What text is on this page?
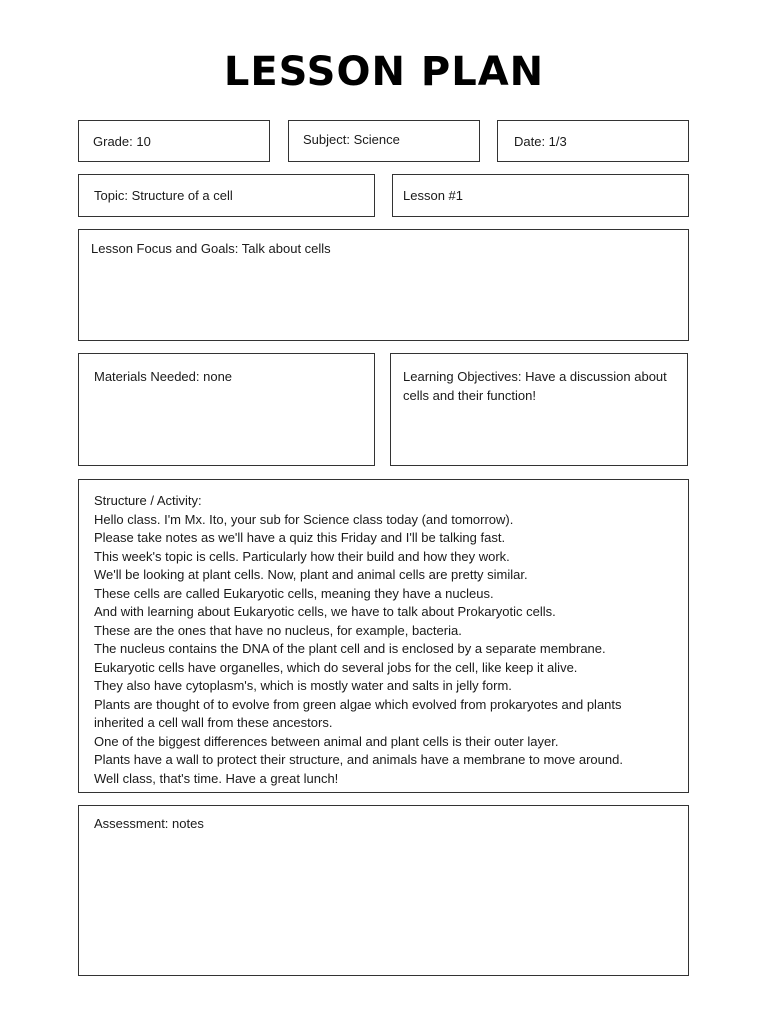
LESSON PLAN
Grade: 10	Subject: Science	Date: 1/3
Topic: Structure of a cell	Lesson #1
Lesson Focus and Goals: Talk about cells
Materials Needed: none	Learning Objectives: Have a discussion about cells and their function!
Structure / Activity:
Hello class. I'm Mx. Ito, your sub for Science class today (and tomorrow).
Please take notes as we'll have a quiz this Friday and I'll be talking fast.
This week's topic is cells. Particularly how their build and how they work.
We'll be looking at plant cells. Now, plant and animal cells are pretty similar.
These cells are called Eukaryotic cells, meaning they have a nucleus.
And with learning about Eukaryotic cells, we have to talk about Prokaryotic cells.
These are the ones that have no nucleus, for example, bacteria.
The nucleus contains the DNA of the plant cell and is enclosed by a separate membrane.
Eukaryotic cells have organelles, which do several jobs for the cell, like keep it alive.
They also have cytoplasm's, which is mostly water and salts in jelly form.
Plants are thought of to evolve from green algae which evolved from prokaryotes and plants
inherited a cell wall from these ancestors.
One of the biggest differences between animal and plant cells is their outer layer.
Plants have a wall to protect their structure, and animals have a membrane to move around.
Well class, that's time. Have a great lunch!
Assessment: notes
